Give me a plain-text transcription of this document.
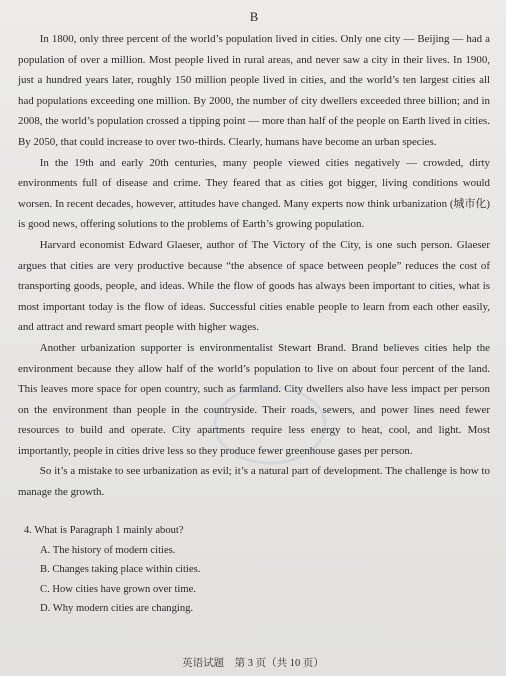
B

In 1800, only three percent of the world’s population lived in cities. Only one city — Beijing — had a population of over a million. Most people lived in rural areas, and never saw a city in their lives. In 1900, just a hundred years later, roughly 150 million people lived in cities, and the world’s ten largest cities all had populations exceeding one million. By 2000, the number of city dwellers exceeded three billion; and in 2008, the world’s population crossed a tipping point — more than half of the people on Earth lived in cities. By 2050, that could increase to over two-thirds. Clearly, humans have become an urban species.

In the 19th and early 20th centuries, many people viewed cities negatively — crowded, dirty environments full of disease and crime. They feared that as cities got bigger, living conditions would worsen. In recent decades, however, attitudes have changed. Many experts now think urbanization (城市化) is good news, offering solutions to the problems of Earth’s growing population.

Harvard economist Edward Glaeser, author of The Victory of the City, is one such person. Glaeser argues that cities are very productive because “the absence of space between people” reduces the cost of transporting goods, people, and ideas. While the flow of goods has always been important to cities, what is most important today is the flow of ideas. Successful cities enable people to learn from each other easily, and attract and reward smart people with higher wages.

Another urbanization supporter is environmentalist Stewart Brand. Brand believes cities help the environment because they allow half of the world’s population to live on about four percent of the land. This leaves more space for open country, such as farmland. City dwellers also have less impact per person on the environment than people in the countryside. Their roads, sewers, and power lines need fewer resources to build and operate. City apartments require less energy to heat, cool, and light. Most importantly, people in cities drive less so they produce fewer greenhouse gases per person.

So it’s a mistake to see urbanization as evil; it’s a natural part of development. The challenge is how to manage the growth.

4. What is Paragraph 1 mainly about?

A. The history of modern cities.
B. Changes taking place within cities.
C. How cities have grown over time.
D. Why modern cities are changing.
英语试题　第 3 页（共 10 页）
